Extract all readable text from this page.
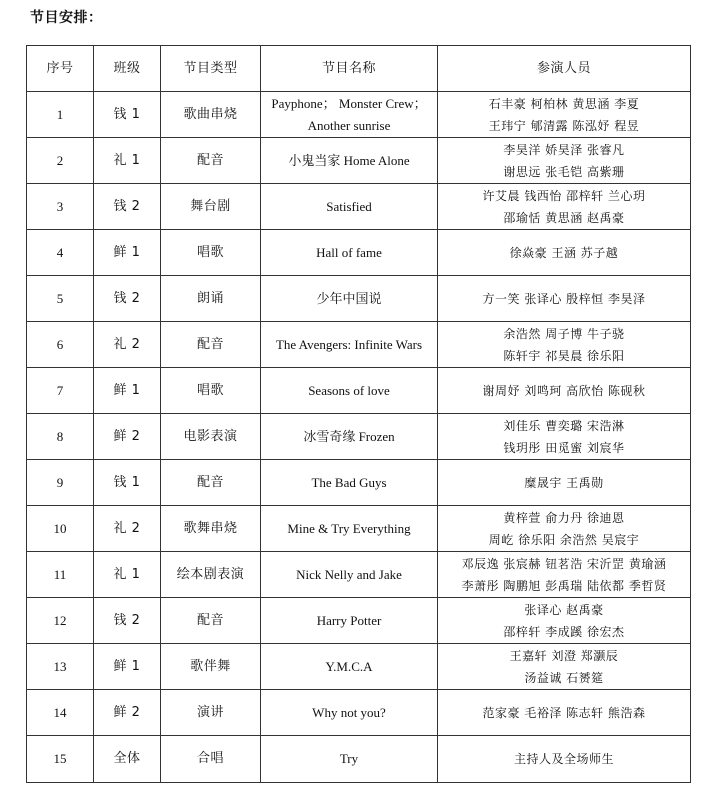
节目安排：
序号	班级	节目类型	节目名称	参演人员
1	钱 1	歌曲串烧	Payphone； Monster Crew； Another sunrise	石丰豪 柯柏林 黄思涵 李夏
王玮宁 郇清露 陈泓妤 程昱

2	礼 1	配音	小鬼当家 Home Alone	李昊洋 娇昊泽 张睿凡
谢思远 张毛铠 高紫珊

3	钱 2	舞台剧	Satisfied	许艾晨 钱西怡 邵梓轩 兰心玥
邵瑜恬 黄思涵 赵禹豪

4	鲜 1	唱歌	Hall of fame	徐焱豪 王涵 苏子越

5	钱 2	朗诵	少年中国说	方一笑 张译心 殷梓恒 李昊泽

6	礼 2	配音	The Avengers: Infinite Wars	余浩然 周子博 牛子骁
陈轩宇 祁昊晨 徐乐阳

7	鲜 1	唱歌	Seasons of love	谢周妤 刘鸣珂 高欣怡 陈砚秋

8	鲜 2	电影表演	冰雪奇缘 Frozen	刘佳乐 曹奕璐 宋浩淋
钱玥彤 田觅蜜 刘宸华

9	钱 1	配音	The Bad Guys	糜晟宇 王禹勋

10	礼 2	歌舞串烧	Mine & Try Everything	黄梓萱 俞力丹 徐迪恩
周屹 徐乐阳 余浩然 吴宸宇

11	礼 1	绘本剧表演	Nick Nelly and Jake	邓辰逸 张宸赫 钮茗浩 宋沂罡 黄瑜涵
李萧彤 陶鹏旭 彭禹瑞 陆依都 季哲贤

12	钱 2	配音	Harry Potter	张译心 赵禹豪
邵梓轩 李成蹊 徐宏杰

13	鲜 1	歌伴舞	Y.M.C.A	王嘉轩 刘澄 郑灏辰
汤益诚 石赟筵

14	鲜 2	演讲	Why not you?	范家豪 毛裕泽 陈志轩 熊浩森

15	全体	合唱	Try	主持人及全场师生
